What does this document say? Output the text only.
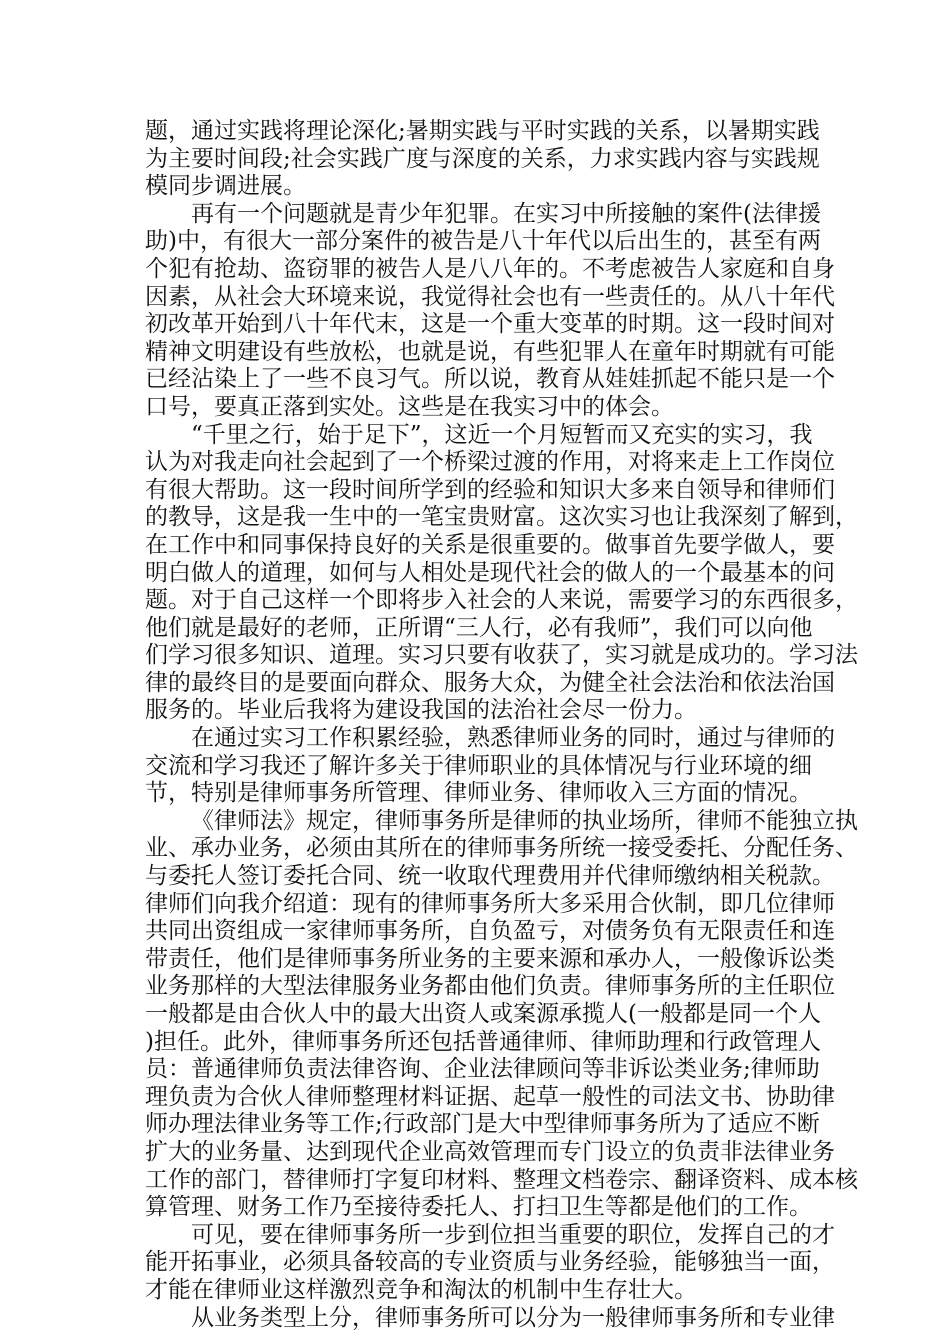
题，通过实践将理论深化;暑期实践与平时实践的关系，以暑期实践
为主要时间段;社会实践广度与深度的关系，力求实践内容与实践规
模同步调进展。
再有一个问题就是青少年犯罪。在实习中所接触的案件(法律援
助)中，有很大一部分案件的被告是八十年代以后出生的，甚至有两
个犯有抢劫、盗窃罪的被告人是八八年的。不考虑被告人家庭和自身
因素，从社会大环境来说，我觉得社会也有一些责任的。从八十年代
初改革开始到八十年代末，这是一个重大变革的时期。这一段时间对
精神文明建设有些放松，也就是说，有些犯罪人在童年时期就有可能
已经沾染上了一些不良习气。所以说，教育从娃娃抓起不能只是一个
口号，要真正落到实处。这些是在我实习中的体会。
“千里之行，始于足下”，这近一个月短暂而又充实的实习，我
认为对我走向社会起到了一个桥梁过渡的作用，对将来走上工作岗位
有很大帮助。这一段时间所学到的经验和知识大多来自领导和律师们
的教导，这是我一生中的一笔宝贵财富。这次实习也让我深刻了解到，
在工作中和同事保持良好的关系是很重要的。做事首先要学做人，要
明白做人的道理，如何与人相处是现代社会的做人的一个最基本的问
题。对于自己这样一个即将步入社会的人来说，需要学习的东西很多，
他们就是最好的老师，正所谓“三人行，必有我师”，我们可以向他
们学习很多知识、道理。实习只要有收获了，实习就是成功的。学习法
律的最终目的是要面向群众、服务大众，为健全社会法治和依法治国
服务的。毕业后我将为建设我国的法治社会尽一份力。
在通过实习工作积累经验，熟悉律师业务的同时，通过与律师的
交流和学习我还了解许多关于律师职业的具体情况与行业环境的细
节，特别是律师事务所管理、律师业务、律师收入三方面的情况。
《律师法》规定，律师事务所是律师的执业场所，律师不能独立执
业、承办业务，必须由其所在的律师事务所统一接受委托、分配任务、
与委托人签订委托合同、统一收取代理费用并代律师缴纳相关税款。
律师们向我介绍道：现有的律师事务所大多采用合伙制，即几位律师
共同出资组成一家律师事务所，自负盈亏，对债务负有无限责任和连
带责任，他们是律师事务所业务的主要来源和承办人，一般像诉讼类
业务那样的大型法律服务业务都由他们负责。律师事务所的主任职位
一般都是由合伙人中的最大出资人或案源承揽人(一般都是同一个人
)担任。此外，律师事务所还包括普通律师、律师助理和行政管理人
员：普通律师负责法律咨询、企业法律顾问等非诉讼类业务;律师助
理负责为合伙人律师整理材料证据、起草一般性的司法文书、协助律
师办理法律业务等工作;行政部门是大中型律师事务所为了适应不断
扩大的业务量、达到现代企业高效管理而专门设立的负责非法律业务
工作的部门，替律师打字复印材料、整理文档卷宗、翻译资料、成本核
算管理、财务工作乃至接待委托人、打扫卫生等都是他们的工作。
可见，要在律师事务所一步到位担当重要的职位，发挥自己的才
能开拓事业，必须具备较高的专业资质与业务经验，能够独当一面，
才能在律师业这样激烈竞争和淘汰的机制中生存壮大。
从业务类型上分，律师事务所可以分为一般律师事务所和专业律
